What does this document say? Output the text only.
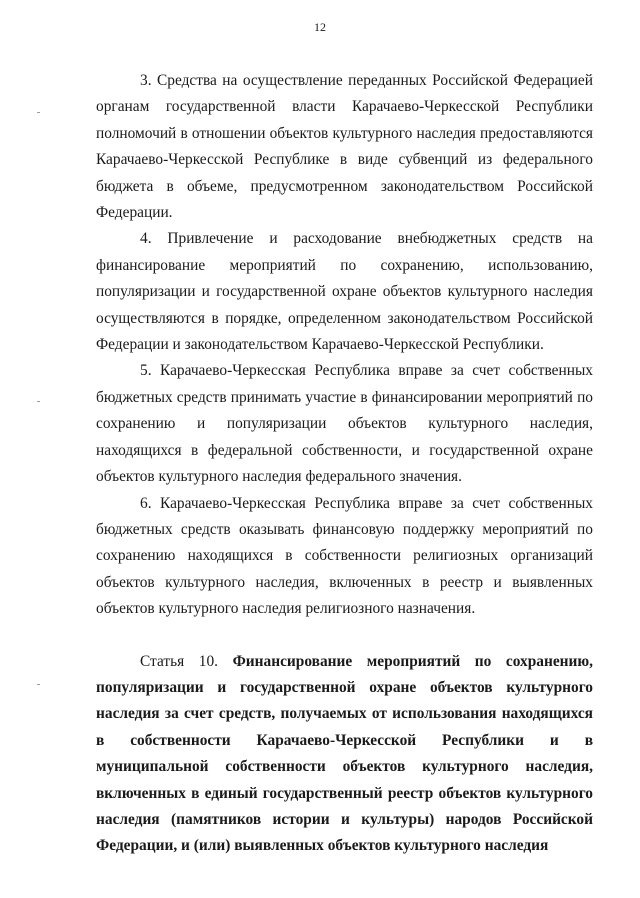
12

3. Средства на осуществление переданных Российской Федерацией органам государственной власти Карачаево-Черкесской Республики полномочий в отношении объектов культурного наследия предоставляются Карачаево-Черкесской Республике в виде субвенций из федерального бюджета в объеме, предусмотренном законодательством Российской Федерации.

4. Привлечение и расходование внебюджетных средств на финансирование мероприятий по сохранению, использованию, популяризации и государственной охране объектов культурного наследия осуществляются в порядке, определенном законодательством Российской Федерации и законодательством Карачаево-Черкесской Республики.

5. Карачаево-Черкесская Республика вправе за счет собственных бюджетных средств принимать участие в финансировании мероприятий по сохранению и популяризации объектов культурного наследия, находящихся в федеральной собственности, и государственной охране объектов культурного наследия федерального значения.

6. Карачаево-Черкесская Республика вправе за счет собственных бюджетных средств оказывать финансовую поддержку мероприятий по сохранению находящихся в собственности религиозных организаций объектов культурного наследия, включенных в реестр и выявленных объектов культурного наследия религиозного назначения.

Статья 10. Финансирование мероприятий по сохранению, популяризации и государственной охране объектов культурного наследия за счет средств, получаемых от использования находящихся в собственности Карачаево-Черкесской Республики и в муниципальной собственности объектов культурного наследия, включенных в единый государственный реестр объектов культурного наследия (памятников истории и культуры) народов Российской Федерации, и (или) выявленных объектов культурного наследия
